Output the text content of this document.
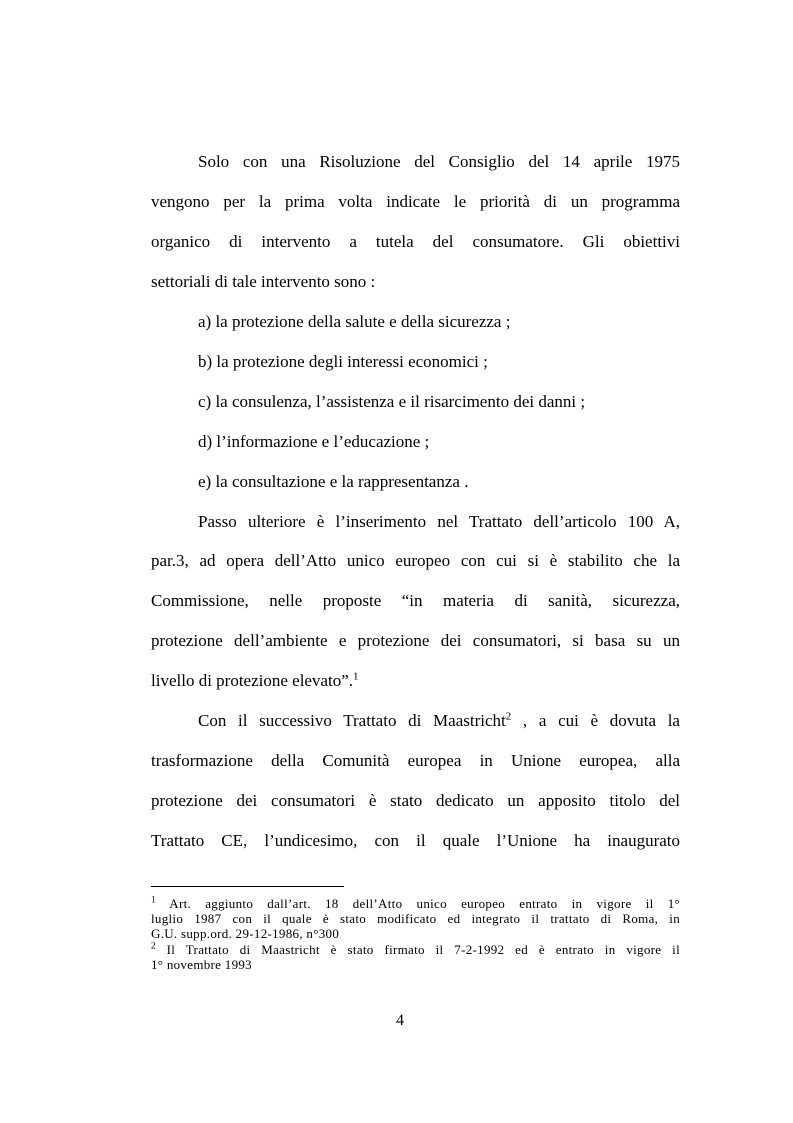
Solo con una Risoluzione del Consiglio del 14 aprile 1975
vengono per la prima volta indicate le priorità di un programma
organico di intervento a tutela del consumatore. Gli obiettivi
settoriali di tale intervento sono :
a) la protezione della salute e della sicurezza ;
b) la protezione degli interessi economici ;
c) la consulenza, l’assistenza e il risarcimento dei danni ;
d) l’informazione e l’educazione ;
e) la consultazione e la rappresentanza .
Passo ulteriore è l’inserimento nel Trattato dell’articolo 100 A,
par.3, ad opera dell’Atto unico europeo con cui si è stabilito che la
Commissione, nelle proposte “in materia di sanità, sicurezza,
protezione dell’ambiente e protezione dei consumatori, si basa su un
livello di protezione elevato”.$^1$
Con il successivo Trattato di Maastricht$^2$ , a cui è dovuta la
trasformazione della Comunità europea in Unione europea, alla
protezione dei consumatori è stato dedicato un apposito titolo del
Trattato CE, l’undicesimo, con il quale l’Unione ha inaugurato
$^1$ Art. aggiunto dall’art. 18 dell’Atto unico europeo entrato in vigore il 1°
luglio 1987 con il quale è stato modificato ed integrato il trattato di Roma, in
G.U. supp.ord. 29-12-1986, n°300
$^2$ Il Trattato di Maastricht è stato firmato il 7-2-1992 ed è entrato in vigore il
1° novembre 1993
4
